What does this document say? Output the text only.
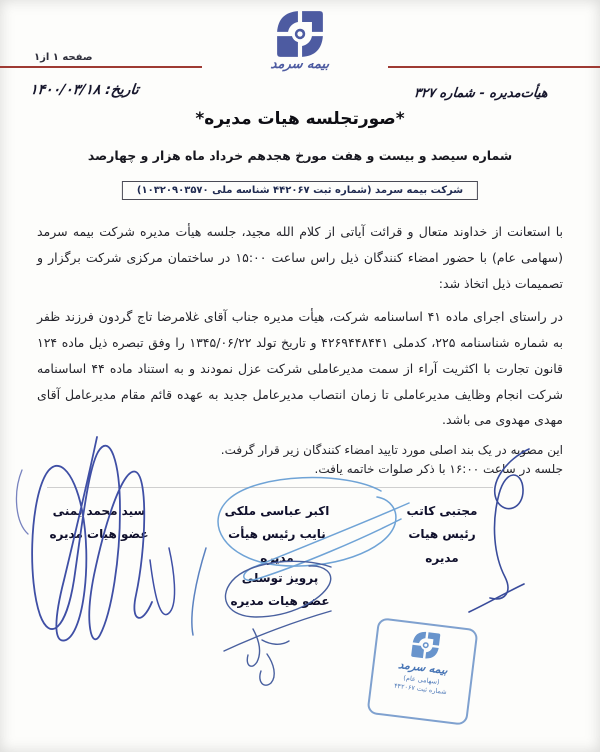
بیمه سرمد
صفحه ۱ از۱
هیأت‌مدیره - شماره ۳۲۷
تاریخ: ۱۴۰۰/۰۳/۱۸
*صورتجلسه هیات مدیره*
شماره سیصد و بیست و هفت مورخ هجدهم خرداد ماه هزار و چهارصد
شرکت بیمه سرمد (شماره ثبت ۴۴۲۰۶۷ شناسه ملی ۱۰۳۲۰۹۰۳۵۷۰)

با استعانت از خداوند متعال و قرائت آیاتی از کلام الله مجید، جلسه هیأت مدیره شرکت بیمه سرمد (سهامی عام) با حضور امضاء کنندگان ذیل راس ساعت ۱۵:۰۰ در ساختمان مرکزی شرکت برگزار و تصمیمات ذیل اتخاذ شد:

در راستای اجرای ماده ۴۱ اساسنامه شرکت، هیأت مدیره جناب آقای غلامرضا تاج گردون فرزند ظفر به شماره شناسنامه ۲۲۵، کدملی ۴۲۶۹۴۴۸۴۴۱ و تاریخ تولد ۱۳۴۵/۰۶/۲۲ را وفق تبصره ذیل ماده ۱۲۴ قانون تجارت با اکثریت آراء از سمت مدیرعاملی شرکت عزل نمودند و به استناد ماده ۴۴ اساسنامه شرکت انجام وظایف مدیرعاملی تا زمان انتصاب مدیرعامل جدید به عهده قائم مقام مدیرعامل آقای مهدی مهدوی می باشد.

این مصوبه در یک بند اصلی مورد تایید امضاء کنندگان زیر قرار گرفت.

جلسه در ساعت ۱۶:۰۰ با ذکر صلوات خاتمه یافت.

مجتبی کاتب
رئیس هیات مدیره
اکبر عباسی ملکی
نایب رئیس هیأت مدیره
سید محمد یمنی
عضو هیات مدیره
پرویز توسلی
عضو هیات مدیره
بیمه سرمد
(سهامی عام)
شماره ثبت ۴۴۲۰۶۷
